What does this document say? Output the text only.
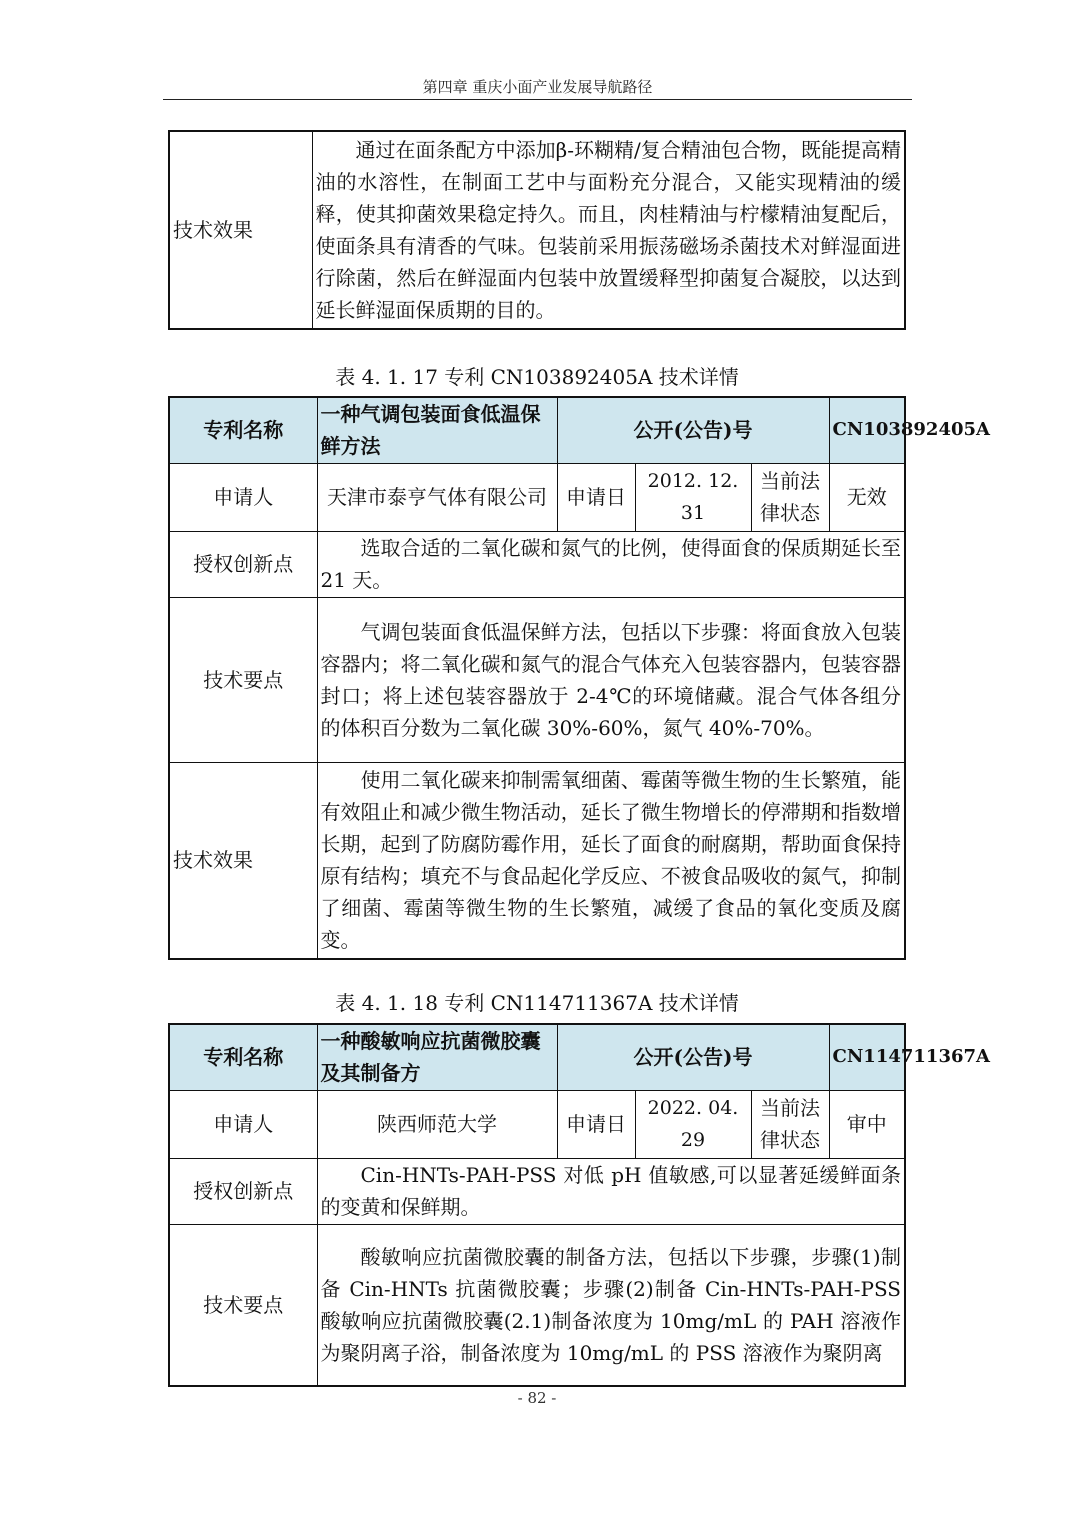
第四章 重庆小面产业发展导航路径
技术效果	通过在面条配方中添加β-环糊精/复合精油包合物，既能提高精油的水溶性，在制面工艺中与面粉充分混合，又能实现精油的缓释，使其抑菌效果稳定持久。而且，肉桂精油与柠檬精油复配后，使面条具有清香的气味。包装前采用振荡磁场杀菌技术对鲜湿面进行除菌，然后在鲜湿面内包装中放置缓释型抑菌复合凝胶，以达到延长鲜湿面保质期的目的。
表 4. 1. 17 专利 CN103892405A 技术详情
专利名称	一种气调包装面食低温保鲜方法	公开(公告)号			CN103892405A
申请人	天津市泰亨气体有限公司	申请日	2012. 12. 31	当前法律状态	无效
授权创新点	选取合适的二氧化碳和氮气的比例，使得面食的保质期延长至 21 天。				
技术要点	气调包装面食低温保鲜方法，包括以下步骤：将面食放入包装容器内；将二氧化碳和氮气的混合气体充入包装容器内，包装容器封口；将上述包装容器放于 2-4℃的环境储藏。混合气体各组分的体积百分数为二氧化碳 30%-60%，氮气 40%-70%。				
技术效果	使用二氧化碳来抑制需氧细菌、霉菌等微生物的生长繁殖，能有效阻止和减少微生物活动，延长了微生物增长的停滞期和指数增长期，起到了防腐防霉作用，延长了面食的耐腐期，帮助面食保持原有结构；填充不与食品起化学反应、不被食品吸收的氮气，抑制了细菌、霉菌等微生物的生长繁殖，减缓了食品的氧化变质及腐变。				
表 4. 1. 18 专利 CN114711367A 技术详情
专利名称	一种酸敏响应抗菌微胶囊及其制备方	公开(公告)号			CN114711367A
申请人	陕西师范大学	申请日	2022. 04. 29	当前法律状态	审中
授权创新点	Cin-HNTs-PAH-PSS 对低 pH 值敏感,可以显著延缓鲜面条的变黄和保鲜期。				
技术要点	酸敏响应抗菌微胶囊的制备方法，包括以下步骤，步骤(1)制备 Cin-HNTs 抗菌微胶囊；步骤(2)制备 Cin-HNTs-PAH-PSS 酸敏响应抗菌微胶囊(2.1)制备浓度为 10mg/mL 的 PAH 溶液作为聚阴离子浴，制备浓度为 10mg/mL 的 PSS 溶液作为聚阴离				
- 82 -
